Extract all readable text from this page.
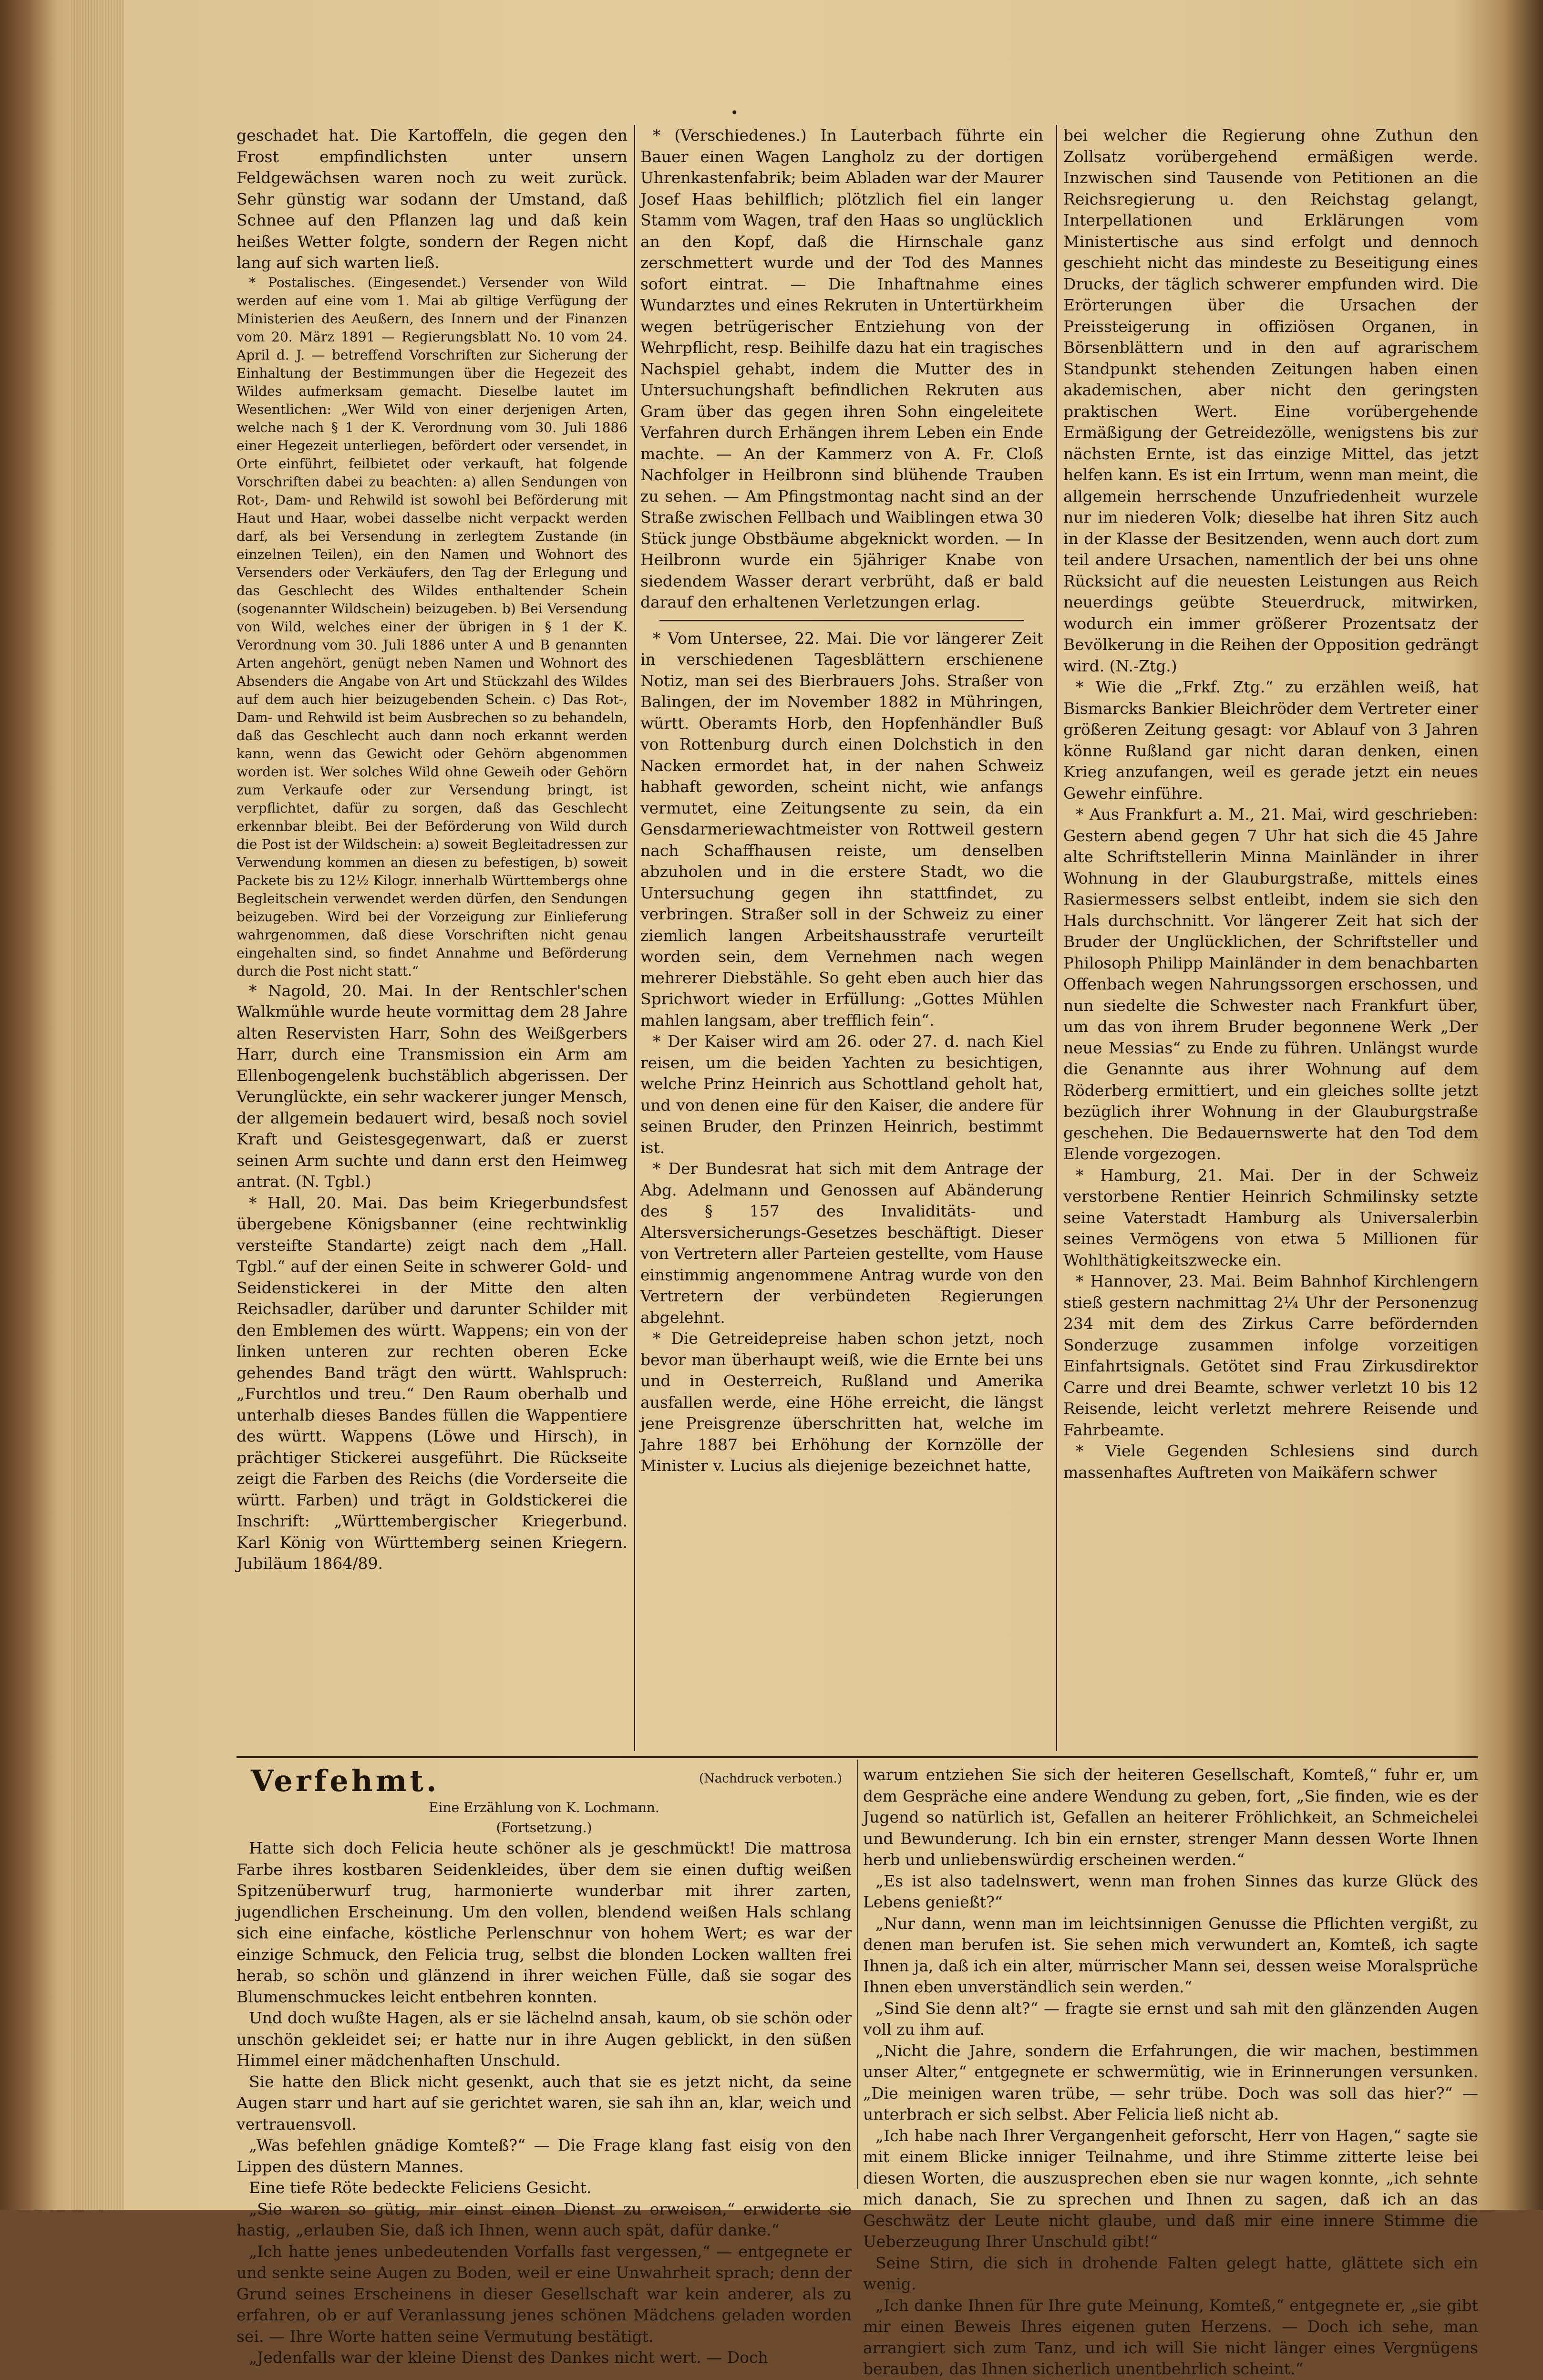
•

geschadet hat. Die Kartoffeln, die gegen den Frost empfindlichsten unter unsern Feldgewächsen waren noch zu weit zurück. Sehr günstig war sodann der Umstand, daß Schnee auf den Pflanzen lag und daß kein heißes Wetter folgte, sondern der Regen nicht lang auf sich warten ließ.

* Postalisches. (Eingesendet.) Versender von Wild werden auf eine vom 1. Mai ab giltige Verfügung der Ministerien des Aeußern, des Innern und der Finanzen vom 20. März 1891 — Regierungsblatt No. 10 vom 24. April d. J. — betreffend Vorschriften zur Sicherung der Einhaltung der Bestimmungen über die Hegezeit des Wildes aufmerksam gemacht. Dieselbe lautet im Wesentlichen: „Wer Wild von einer derjenigen Arten, welche nach § 1 der K. Verordnung vom 30. Juli 1886 einer Hegezeit unterliegen, befördert oder versendet, in Orte einführt, feilbietet oder verkauft, hat folgende Vorschriften dabei zu beachten: a) allen Sendungen von Rot-, Dam- und Rehwild ist sowohl bei Beförderung mit Haut und Haar, wobei dasselbe nicht verpackt werden darf, als bei Versendung in zerlegtem Zustande (in einzelnen Teilen), ein den Namen und Wohnort des Versenders oder Verkäufers, den Tag der Erlegung und das Geschlecht des Wildes enthaltender Schein (sogenannter Wildschein) beizugeben. b) Bei Versendung von Wild, welches einer der übrigen in § 1 der K. Verordnung vom 30. Juli 1886 unter A und B genannten Arten angehört, genügt neben Namen und Wohnort des Absenders die Angabe von Art und Stückzahl des Wildes auf dem auch hier beizugebenden Schein. c) Das Rot-, Dam- und Rehwild ist beim Ausbrechen so zu behandeln, daß das Geschlecht auch dann noch erkannt werden kann, wenn das Gewicht oder Gehörn abgenommen worden ist. Wer solches Wild ohne Geweih oder Gehörn zum Verkaufe oder zur Versendung bringt, ist verpflichtet, dafür zu sorgen, daß das Geschlecht erkennbar bleibt. Bei der Beförderung von Wild durch die Post ist der Wildschein: a) soweit Begleitadressen zur Verwendung kommen an diesen zu befestigen, b) soweit Packete bis zu 12½ Kilogr. innerhalb Württembergs ohne Begleitschein verwendet werden dürfen, den Sendungen beizugeben. Wird bei der Vorzeigung zur Einlieferung wahrgenommen, daß diese Vorschriften nicht genau eingehalten sind, so findet Annahme und Beförderung durch die Post nicht statt.“

* Nagold, 20. Mai. In der Rentschler'schen Walkmühle wurde heute vormittag dem 28 Jahre alten Reservisten Harr, Sohn des Weißgerbers Harr, durch eine Transmission ein Arm am Ellenbogengelenk buchstäblich abgerissen. Der Verunglückte, ein sehr wackerer junger Mensch, der allgemein bedauert wird, besaß noch soviel Kraft und Geistesgegenwart, daß er zuerst seinen Arm suchte und dann erst den Heimweg antrat. (N. Tgbl.)

* Hall, 20. Mai. Das beim Kriegerbundsfest übergebene Königsbanner (eine rechtwinklig versteifte Standarte) zeigt nach dem „Hall. Tgbl.“ auf der einen Seite in schwerer Gold- und Seidenstickerei in der Mitte den alten Reichsadler, darüber und darunter Schilder mit den Emblemen des württ. Wappens; ein von der linken unteren zur rechten oberen Ecke gehendes Band trägt den württ. Wahlspruch: „Furchtlos und treu.“ Den Raum oberhalb und unterhalb dieses Bandes füllen die Wappentiere des württ. Wappens (Löwe und Hirsch), in prächtiger Stickerei ausgeführt. Die Rückseite zeigt die Farben des Reichs (die Vorderseite die württ. Farben) und trägt in Goldstickerei die Inschrift: „Württembergischer Kriegerbund. Karl König von Württemberg seinen Kriegern. Jubiläum 1864/89.

* (Verschiedenes.) In Lauterbach führte ein Bauer einen Wagen Langholz zu der dortigen Uhrenkastenfabrik; beim Abladen war der Maurer Josef Haas behilflich; plötzlich fiel ein langer Stamm vom Wagen, traf den Haas so unglücklich an den Kopf, daß die Hirnschale ganz zerschmettert wurde und der Tod des Mannes sofort eintrat. — Die Inhaftnahme eines Wundarztes und eines Rekruten in Untertürkheim wegen betrügerischer Entziehung von der Wehrpflicht, resp. Beihilfe dazu hat ein tragisches Nachspiel gehabt, indem die Mutter des in Untersuchungshaft befindlichen Rekruten aus Gram über das gegen ihren Sohn eingeleitete Verfahren durch Erhängen ihrem Leben ein Ende machte. — An der Kammerz von A. Fr. Cloß Nachfolger in Heilbronn sind blühende Trauben zu sehen. — Am Pfingstmontag nacht sind an der Straße zwischen Fellbach und Waiblingen etwa 30 Stück junge Obstbäume abgeknickt worden. — In Heilbronn wurde ein 5jähriger Knabe von siedendem Wasser derart verbrüht, daß er bald darauf den erhaltenen Verletzungen erlag.

* Vom Untersee, 22. Mai. Die vor längerer Zeit in verschiedenen Tagesblättern erschienene Notiz, man sei des Bierbrauers Johs. Straßer von Balingen, der im November 1882 in Mühringen, württ. Oberamts Horb, den Hopfenhändler Buß von Rottenburg durch einen Dolchstich in den Nacken ermordet hat, in der nahen Schweiz habhaft geworden, scheint nicht, wie anfangs vermutet, eine Zeitungsente zu sein, da ein Gensdarmeriewachtmeister von Rottweil gestern nach Schaffhausen reiste, um denselben abzuholen und in die erstere Stadt, wo die Untersuchung gegen ihn stattfindet, zu verbringen. Straßer soll in der Schweiz zu einer ziemlich langen Arbeitshausstrafe verurteilt worden sein, dem Vernehmen nach wegen mehrerer Diebstähle. So geht eben auch hier das Sprichwort wieder in Erfüllung: „Gottes Mühlen mahlen langsam, aber trefflich fein“.

* Der Kaiser wird am 26. oder 27. d. nach Kiel reisen, um die beiden Yachten zu besichtigen, welche Prinz Heinrich aus Schottland geholt hat, und von denen eine für den Kaiser, die andere für seinen Bruder, den Prinzen Heinrich, bestimmt ist.

* Der Bundesrat hat sich mit dem Antrage der Abg. Adelmann und Genossen auf Abänderung des § 157 des Invaliditäts- und Altersversicherungs-Gesetzes beschäftigt. Dieser von Vertretern aller Parteien gestellte, vom Hause einstimmig angenommene Antrag wurde von den Vertretern der verbündeten Regierungen abgelehnt.

* Die Getreidepreise haben schon jetzt, noch bevor man überhaupt weiß, wie die Ernte bei uns und in Oesterreich, Rußland und Amerika ausfallen werde, eine Höhe erreicht, die längst jene Preisgrenze überschritten hat, welche im Jahre 1887 bei Erhöhung der Kornzölle der Minister v. Lucius als diejenige bezeichnet hatte,

bei welcher die Regierung ohne Zuthun den Zollsatz vorübergehend ermäßigen werde. Inzwischen sind Tausende von Petitionen an die Reichsregierung u. den Reichstag gelangt, Interpellationen und Erklärungen vom Ministertische aus sind erfolgt und dennoch geschieht nicht das mindeste zu Beseitigung eines Drucks, der täglich schwerer empfunden wird. Die Erörterungen über die Ursachen der Preissteigerung in offiziösen Organen, in Börsenblättern und in den auf agrarischem Standpunkt stehenden Zeitungen haben einen akademischen, aber nicht den geringsten praktischen Wert. Eine vorübergehende Ermäßigung der Getreidezölle, wenigstens bis zur nächsten Ernte, ist das einzige Mittel, das jetzt helfen kann. Es ist ein Irrtum, wenn man meint, die allgemein herrschende Unzufriedenheit wurzele nur im niederen Volk; dieselbe hat ihren Sitz auch in der Klasse der Besitzenden, wenn auch dort zum teil andere Ursachen, namentlich der bei uns ohne Rücksicht auf die neuesten Leistungen aus Reich neuerdings geübte Steuerdruck, mitwirken, wodurch ein immer größerer Prozentsatz der Bevölkerung in die Reihen der Opposition gedrängt wird. (N.-Ztg.)

* Wie die „Frkf. Ztg.“ zu erzählen weiß, hat Bismarcks Bankier Bleichröder dem Vertreter einer größeren Zeitung gesagt: vor Ablauf von 3 Jahren könne Rußland gar nicht daran denken, einen Krieg anzufangen, weil es gerade jetzt ein neues Gewehr einführe.

* Aus Frankfurt a. M., 21. Mai, wird geschrieben: Gestern abend gegen 7 Uhr hat sich die 45 Jahre alte Schriftstellerin Minna Mainländer in ihrer Wohnung in der Glauburgstraße, mittels eines Rasiermessers selbst entleibt, indem sie sich den Hals durchschnitt. Vor längerer Zeit hat sich der Bruder der Unglücklichen, der Schriftsteller und Philosoph Philipp Mainländer in dem benachbarten Offenbach wegen Nahrungssorgen erschossen, und nun siedelte die Schwester nach Frankfurt über, um das von ihrem Bruder begonnene Werk „Der neue Messias“ zu Ende zu führen. Unlängst wurde die Genannte aus ihrer Wohnung auf dem Röderberg ermittiert, und ein gleiches sollte jetzt bezüglich ihrer Wohnung in der Glauburgstraße geschehen. Die Bedauernswerte hat den Tod dem Elende vorgezogen.

* Hamburg, 21. Mai. Der in der Schweiz verstorbene Rentier Heinrich Schmilinsky setzte seine Vaterstadt Hamburg als Universalerbin seines Vermögens von etwa 5 Millionen für Wohlthätigkeitszwecke ein.

* Hannover, 23. Mai. Beim Bahnhof Kirchlengern stieß gestern nachmittag 2¼ Uhr der Personenzug 234 mit dem des Zirkus Carre befördernden Sonderzuge zusammen infolge vorzeitigen Einfahrtsignals. Getötet sind Frau Zirkusdirektor Carre und drei Beamte, schwer verletzt 10 bis 12 Reisende, leicht verletzt mehrere Reisende und Fahrbeamte.

* Viele Gegenden Schlesiens sind durch massenhaftes Auftreten von Maikäfern schwer

Verfehmt.	(Nachdruck verboten.)
Eine Erzählung von K. Lochmann.
(Fortsetzung.)

Hatte sich doch Felicia heute schöner als je geschmückt! Die mattrosa Farbe ihres kostbaren Seidenkleides, über dem sie einen duftig weißen Spitzenüberwurf trug, harmonierte wunderbar mit ihrer zarten, jugendlichen Erscheinung. Um den vollen, blendend weißen Hals schlang sich eine einfache, köstliche Perlenschnur von hohem Wert; es war der einzige Schmuck, den Felicia trug, selbst die blonden Locken wallten frei herab, so schön und glänzend in ihrer weichen Fülle, daß sie sogar des Blumenschmuckes leicht entbehren konnten.

Und doch wußte Hagen, als er sie lächelnd ansah, kaum, ob sie schön oder unschön gekleidet sei; er hatte nur in ihre Augen geblickt, in den süßen Himmel einer mädchenhaften Unschuld.

Sie hatte den Blick nicht gesenkt, auch that sie es jetzt nicht, da seine Augen starr und hart auf sie gerichtet waren, sie sah ihn an, klar, weich und vertrauensvoll.

„Was befehlen gnädige Komteß?“ — Die Frage klang fast eisig von den Lippen des düstern Mannes.

Eine tiefe Röte bedeckte Feliciens Gesicht.

„Sie waren so gütig, mir einst einen Dienst zu erweisen,“ erwiderte sie hastig, „erlauben Sie, daß ich Ihnen, wenn auch spät, dafür danke.“

„Ich hatte jenes unbedeutenden Vorfalls fast vergessen,“ — entgegnete er und senkte seine Augen zu Boden, weil er eine Unwahrheit sprach; denn der Grund seines Erscheinens in dieser Gesellschaft war kein anderer, als zu erfahren, ob er auf Veranlassung jenes schönen Mädchens geladen worden sei. — Ihre Worte hatten seine Vermutung bestätigt.

„Jedenfalls war der kleine Dienst des Dankes nicht wert. — Doch

warum entziehen Sie sich der heiteren Gesellschaft, Komteß,“ fuhr er, um dem Gespräche eine andere Wendung zu geben, fort, „Sie finden, wie es der Jugend so natürlich ist, Gefallen an heiterer Fröhlichkeit, an Schmeichelei und Bewunderung. Ich bin ein ernster, strenger Mann dessen Worte Ihnen herb und unliebenswürdig erscheinen werden.“

„Es ist also tadelnswert, wenn man frohen Sinnes das kurze Glück des Lebens genießt?“

„Nur dann, wenn man im leichtsinnigen Genusse die Pflichten vergißt, zu denen man berufen ist. Sie sehen mich verwundert an, Komteß, ich sagte Ihnen ja, daß ich ein alter, mürrischer Mann sei, dessen weise Moralsprüche Ihnen eben unverständlich sein werden.“

„Sind Sie denn alt?“ — fragte sie ernst und sah mit den glänzenden Augen voll zu ihm auf.

„Nicht die Jahre, sondern die Erfahrungen, die wir machen, bestimmen unser Alter,“ entgegnete er schwermütig, wie in Erinnerungen versunken. „Die meinigen waren trübe, — sehr trübe. Doch was soll das hier?“ — unterbrach er sich selbst. Aber Felicia ließ nicht ab.

„Ich habe nach Ihrer Vergangenheit geforscht, Herr von Hagen,“ sagte sie mit einem Blicke inniger Teilnahme, und ihre Stimme zitterte leise bei diesen Worten, die auszusprechen eben sie nur wagen konnte, „ich sehnte mich danach, Sie zu sprechen und Ihnen zu sagen, daß ich an das Geschwätz der Leute nicht glaube, und daß mir eine innere Stimme die Ueberzeugung Ihrer Unschuld gibt!“

Seine Stirn, die sich in drohende Falten gelegt hatte, glättete sich ein wenig.

„Ich danke Ihnen für Ihre gute Meinung, Komteß,“ entgegnete er, „sie gibt mir einen Beweis Ihres eigenen guten Herzens. — Doch ich sehe, man arrangiert sich zum Tanz, und ich will Sie nicht länger eines Vergnügens berauben, das Ihnen sicherlich unentbehrlich scheint.“
